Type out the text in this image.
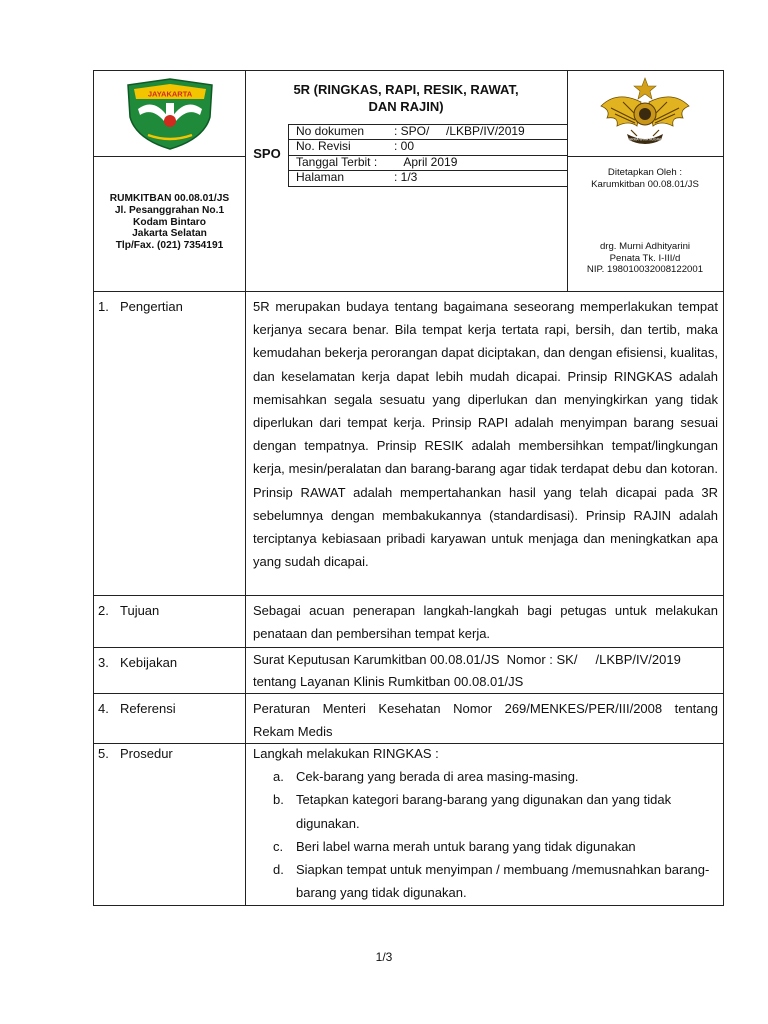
JAYAKARTA
RUMKITBAN 00.08.01/JS
Jl. Pesanggrahan No.1
Kodam Bintaro
Jakarta Selatan
Tlp/Fax. (021) 7354191
5R (RINGKAS, RAPI, RESIK, RAWAT,
DAN RAJIN)
SPO
No dokumen : SPO/     /LKBP/IV/2019
No. Revisi	: 00
Tanggal Terbit : April 2019
Halaman	: 1/3
DHARMA WIRA NUGRAHA
Ditetapkan Oleh :
Karumkitban 00.08.01/JS
drg. Murni Adhityarini
Penata Tk. I-III/d
NIP. 198010032008122001
1. Pengertian	5R merupakan budaya tentang bagaimana seseorang memperlakukan tempat kerjanya secara benar. Bila tempat kerja tertata rapi, bersih, dan tertib, maka kemudahan bekerja perorangan dapat diciptakan, dan dengan efisiensi, kualitas, dan keselamatan kerja dapat lebih mudah dicapai. Prinsip RINGKAS adalah memisahkan segala sesuatu yang diperlukan dan menyingkirkan yang tidak diperlukan dari tempat kerja. Prinsip RAPI adalah menyimpan barang sesuai dengan tempatnya. Prinsip RESIK adalah membersihkan tempat/lingkungan kerja, mesin/peralatan dan barang-barang agar tidak terdapat debu dan kotoran. Prinsip RAWAT adalah mempertahankan hasil yang telah dicapai pada 3R sebelumnya dengan membakukannya (standardisasi). Prinsip RAJIN adalah terciptanya kebiasaan pribadi karyawan untuk menjaga dan meningkatkan apa yang sudah dicapai.
2. Tujuan	Sebagai acuan penerapan langkah-langkah bagi petugas untuk melakukan penataan dan pembersihan tempat kerja.
3. Kebijakan	Surat Keputusan Karumkitban 00.08.01/JS  Nomor : SK/     /LKBP/IV/2019
tentang Layanan Klinis Rumkitban 00.08.01/JS
4. Referensi	Peraturan Menteri Kesehatan Nomor 269/MENKES/PER/III/2008 tentang Rekam Medis
5. Prosedur	Langkah melakukan RINGKAS :
a. Cek-barang yang berada di area masing-masing.
b. Tetapkan kategori barang-barang yang digunakan dan yang tidak digunakan.
c. Beri label warna merah untuk barang yang tidak digunakan
d. Siapkan tempat untuk menyimpan / membuang /memusnahkan barang-barang yang tidak digunakan.
1/3
